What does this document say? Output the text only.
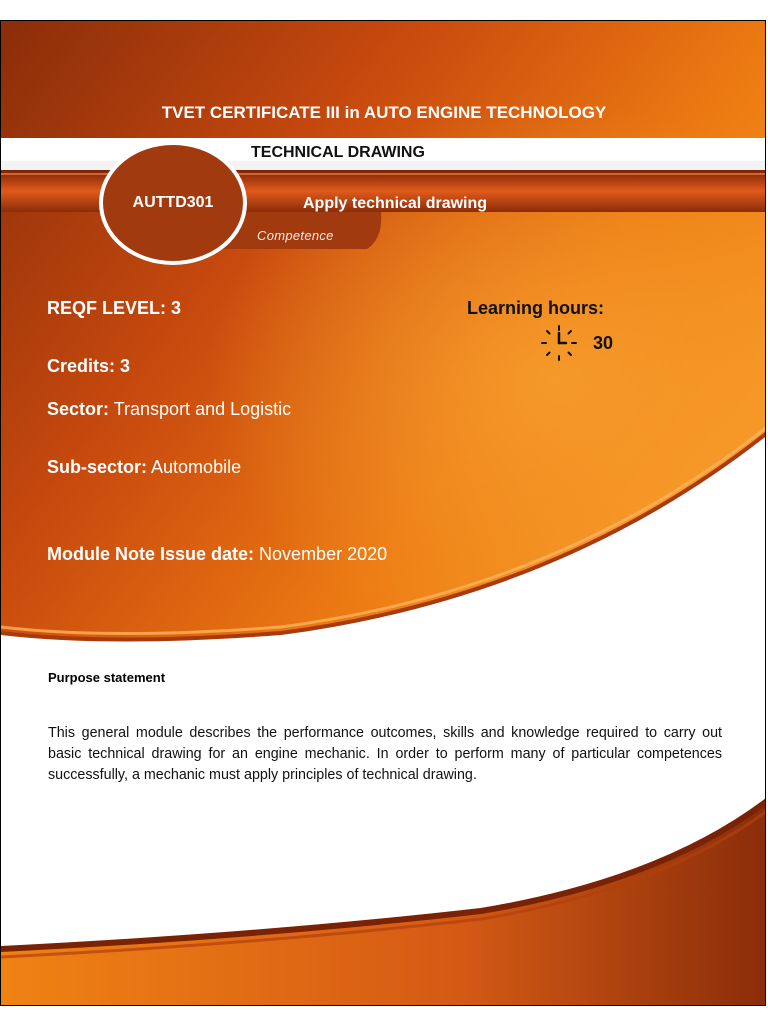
TVET CERTIFICATE III in AUTO ENGINE TECHNOLOGY
TECHNICAL DRAWING
AUTTD301	Apply technical drawing
Competence
REQF LEVEL: 3
Credits: 3
Sector: Transport and Logistic
Sub-sector: Automobile
Module Note Issue date: November 2020
Learning hours:
30
Purpose statement
This general module describes the performance outcomes, skills and knowledge required to carry out basic technical drawing for an engine mechanic. In order to perform many of particular competences successfully, a mechanic must apply principles of technical drawing.
